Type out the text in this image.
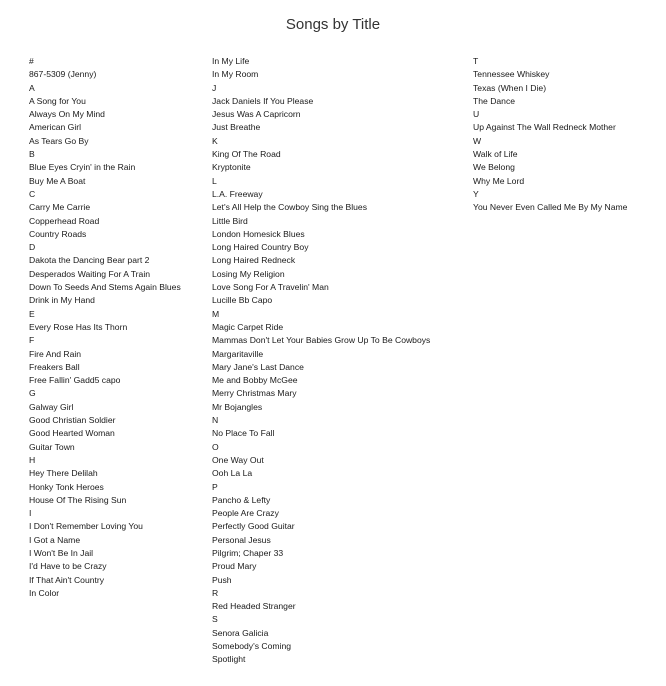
Songs by Title
#
867-5309 (Jenny)
A
A Song for You
Always On My Mind
American Girl
As Tears Go By
B
Blue Eyes Cryin' in the Rain
Buy Me A Boat
C
Carry Me Carrie
Copperhead Road
Country Roads
D
Dakota the Dancing Bear part 2
Desperados Waiting For A Train
Down To Seeds And Stems Again Blues
Drink in My Hand
E
Every Rose Has Its Thorn
F
Fire And Rain
Freakers Ball
Free Fallin' Gadd5 capo
G
Galway Girl
Good Christian Soldier
Good Hearted Woman
Guitar Town
H
Hey There Delilah
Honky Tonk Heroes
House Of The Rising Sun
I
I Don't Remember Loving You
I Got a Name
I Won't Be In Jail
I'd Have to be Crazy
If That Ain't Country
In Color
In My Life
In My Room
J
Jack Daniels If You Please
Jesus Was A Capricorn
Just Breathe
K
King Of The Road
Kryptonite
L
L.A. Freeway
Let's All Help the Cowboy Sing the Blues
Little Bird
London Homesick Blues
Long Haired Country Boy
Long Haired Redneck
Losing My Religion
Love Song For A Travelin' Man
Lucille Bb Capo
M
Magic Carpet Ride
Mammas Don't Let Your Babies Grow Up To Be Cowboys
Margaritaville
Mary Jane's Last Dance
Me and Bobby McGee
Merry Christmas Mary
Mr Bojangles
N
No Place To Fall
O
One Way Out
Ooh La La
P
Pancho & Lefty
People Are Crazy
Perfectly Good Guitar
Personal Jesus
Pilgrim; Chaper 33
Proud Mary
Push
R
Red Headed Stranger
S
Senora Galicia
Somebody's Coming
Spotlight
T
Tennessee Whiskey
Texas (When I Die)
The Dance
U
Up Against The Wall Redneck Mother
W
Walk of Life
We Belong
Why Me Lord
Y
You Never Even Called Me By My Name
